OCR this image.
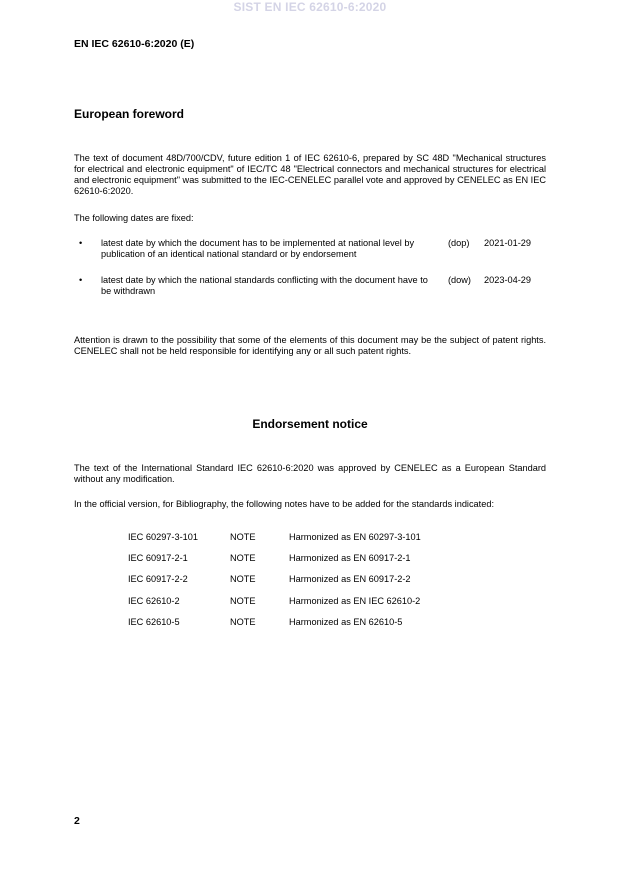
SIST EN IEC 62610-6:2020
EN IEC 62610-6:2020 (E)
European foreword

The text of document 48D/700/CDV, future edition 1 of IEC 62610-6, prepared by SC 48D "Mechanical structures for electrical and electronic equipment" of IEC/TC 48 "Electrical connectors and mechanical structures for electrical and electronic equipment" was submitted to the IEC-CENELEC parallel vote and approved by CENELEC as EN IEC 62610-6:2020.

The following dates are fixed:

• latest date by which the document has to be implemented at national level by publication of an identical national standard or by endorsement
(dop) 2021-01-29
• latest date by which the national standards conflicting with the document have to be withdrawn
(dow) 2023-04-29

Attention is drawn to the possibility that some of the elements of this document may be the subject of patent rights. CENELEC shall not be held responsible for identifying any or all such patent rights.

Endorsement notice

The text of the International Standard IEC 62610-6:2020 was approved by CENELEC as a European Standard without any modification.

In the official version, for Bibliography, the following notes have to be added for the standards indicated:

IEC 60297-3-101	NOTE	Harmonized as EN 60297-3-101
IEC 60917-2-1	NOTE	Harmonized as EN 60917-2-1
IEC 60917-2-2	NOTE	Harmonized as EN 60917-2-2
IEC 62610-2	NOTE	Harmonized as EN IEC 62610-2
IEC 62610-5	NOTE	Harmonized as EN 62610-5
2
